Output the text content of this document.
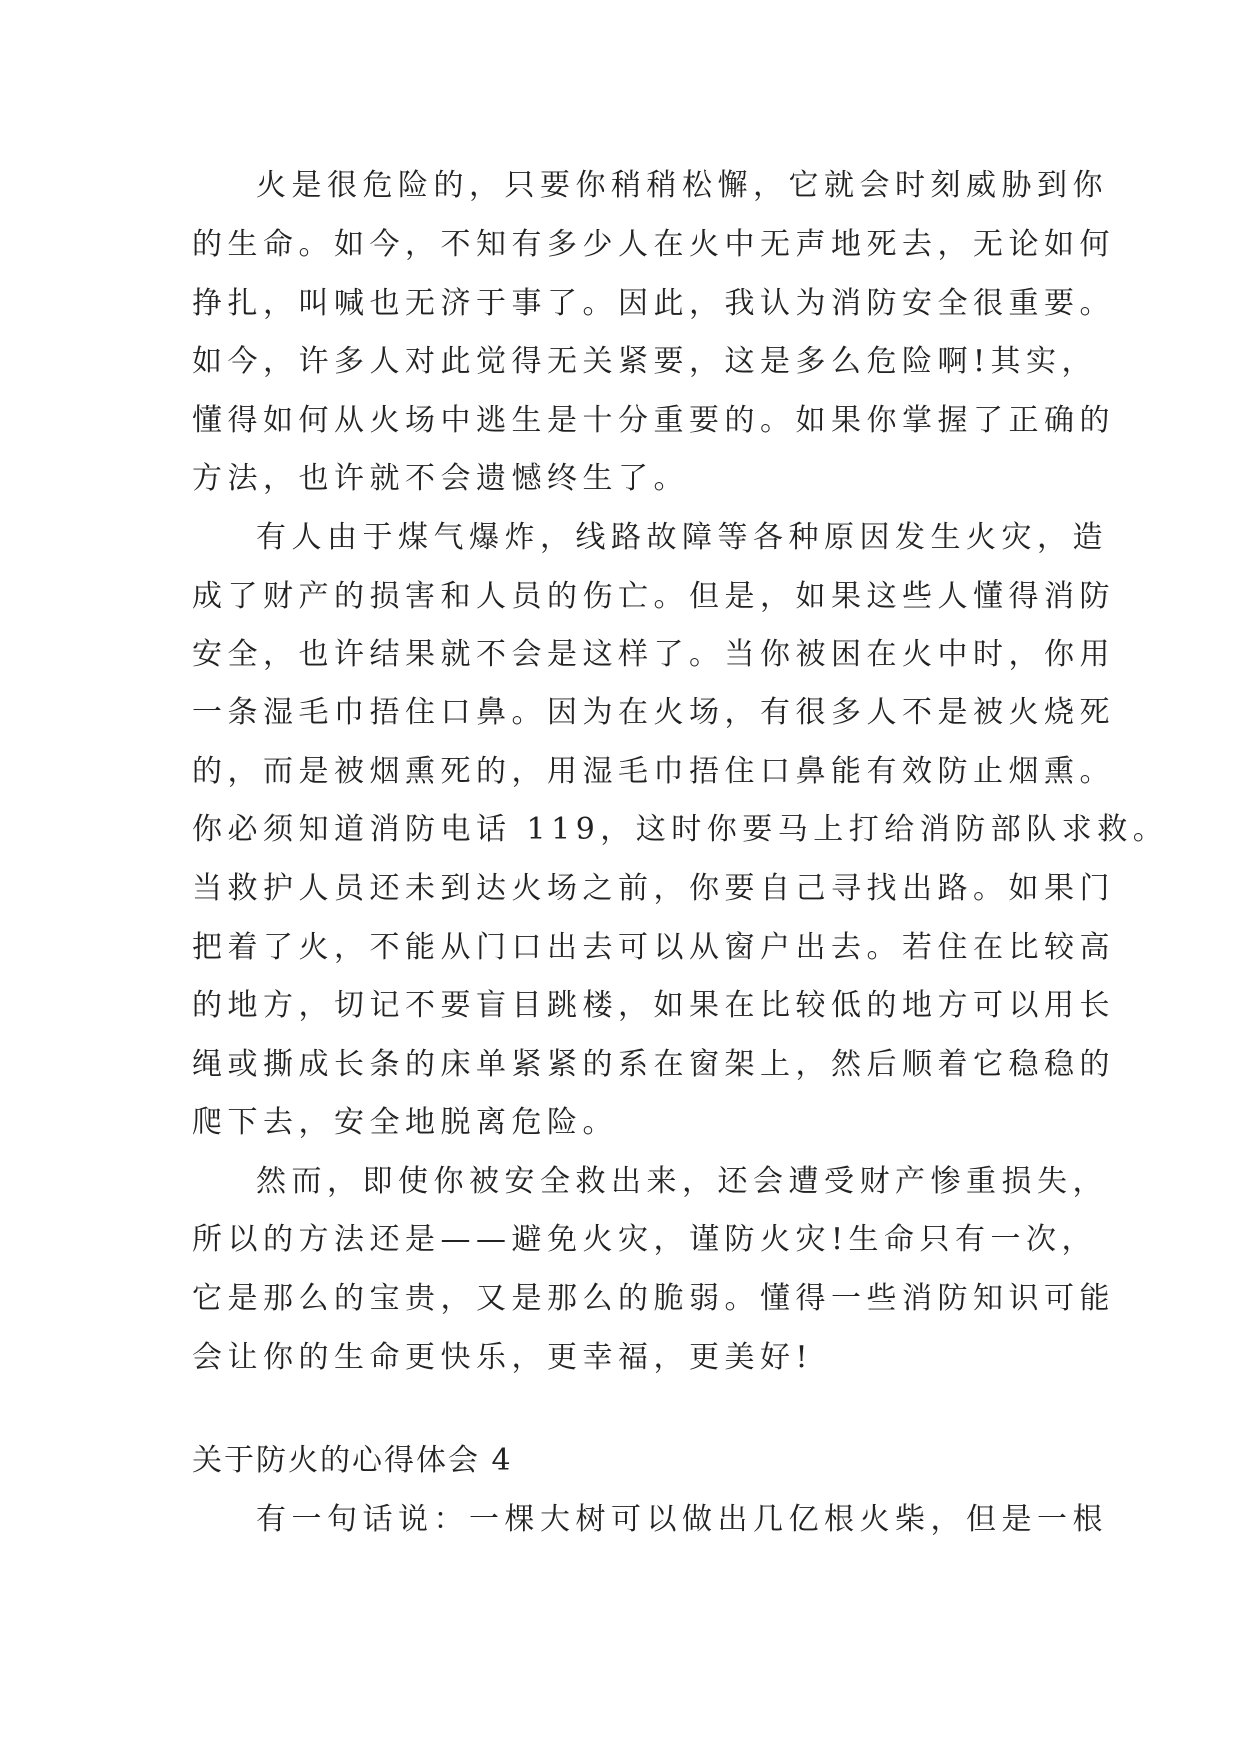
火是很危险的，只要你稍稍松懈，它就会时刻威胁到你

的生命。如今，不知有多少人在火中无声地死去，无论如何

挣扎，叫喊也无济于事了。因此，我认为消防安全很重要。

如今，许多人对此觉得无关紧要，这是多么危险啊!其实，

懂得如何从火场中逃生是十分重要的。如果你掌握了正确的

方法，也许就不会遗憾终生了。

有人由于煤气爆炸，线路故障等各种原因发生火灾，造

成了财产的损害和人员的伤亡。但是，如果这些人懂得消防

安全，也许结果就不会是这样了。当你被困在火中时，你用

一条湿毛巾捂住口鼻。因为在火场，有很多人不是被火烧死

的，而是被烟熏死的，用湿毛巾捂住口鼻能有效防止烟熏。

你必须知道消防电话 119，这时你要马上打给消防部队求救。

当救护人员还未到达火场之前，你要自己寻找出路。如果门

把着了火，不能从门口出去可以从窗户出去。若住在比较高

的地方，切记不要盲目跳楼，如果在比较低的地方可以用长

绳或撕成长条的床单紧紧的系在窗架上，然后顺着它稳稳的

爬下去，安全地脱离危险。

然而，即使你被安全救出来，还会遭受财产惨重损失，

所以的方法还是——避免火灾，谨防火灾!生命只有一次，

它是那么的宝贵，又是那么的脆弱。懂得一些消防知识可能

会让你的生命更快乐，更幸福，更美好!

关于防火的心得体会 4

有一句话说：一棵大树可以做出几亿根火柴，但是一根
